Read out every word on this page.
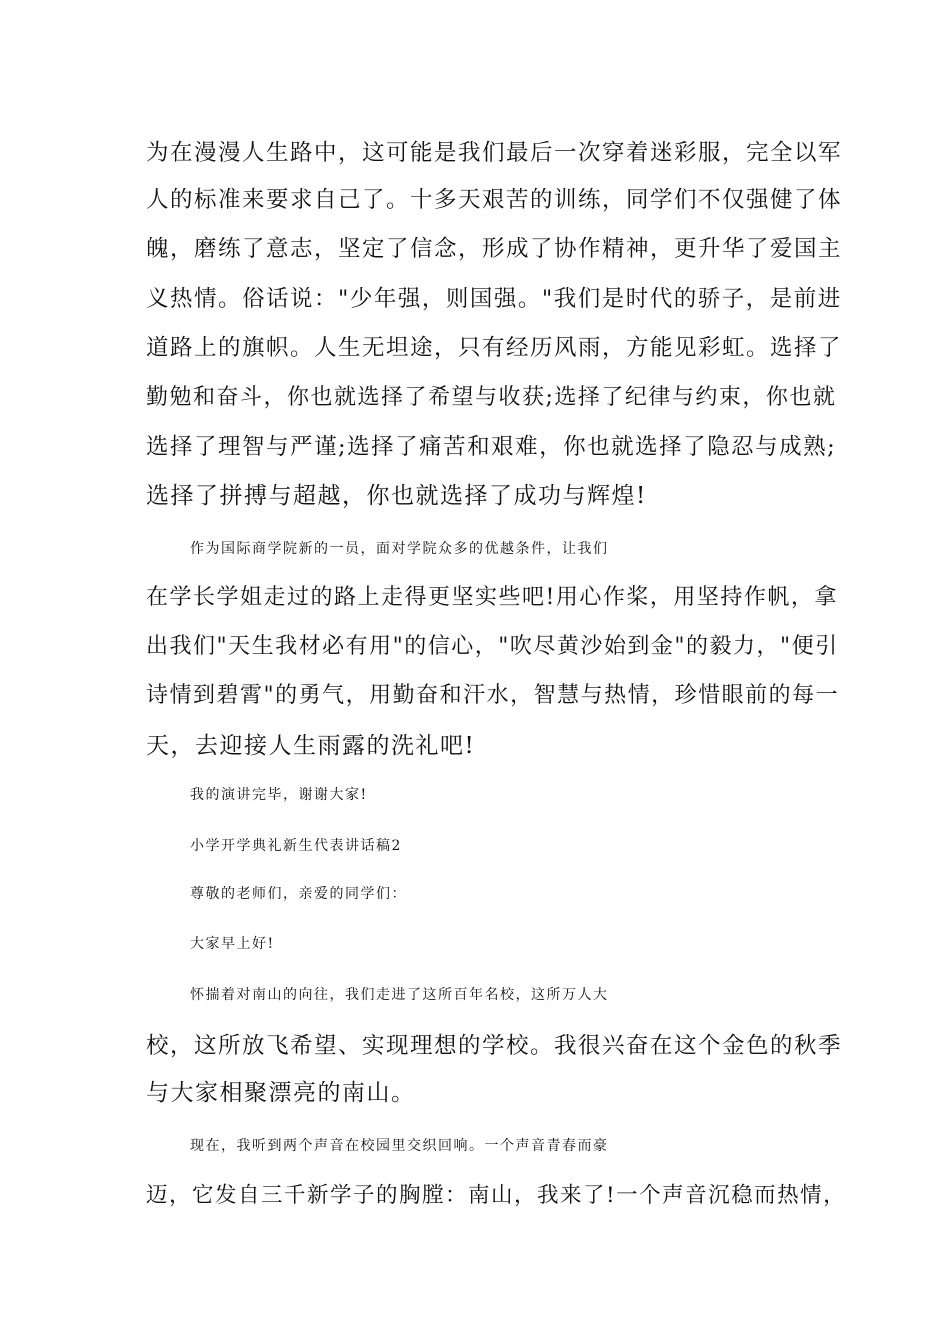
为在漫漫人生路中，这可能是我们最后一次穿着迷彩服，完全以军
人的标准来要求自己了。十多天艰苦的训练，同学们不仅强健了体
魄，磨练了意志，坚定了信念，形成了协作精神，更升华了爱国主
义热情。俗话说："少年强，则国强。"我们是时代的骄子，是前进
道路上的旗帜。人生无坦途，只有经历风雨，方能见彩虹。选择了
勤勉和奋斗，你也就选择了希望与收获;选择了纪律与约束，你也就
选择了理智与严谨;选择了痛苦和艰难，你也就选择了隐忍与成熟;
选择了拼搏与超越，你也就选择了成功与辉煌!
作为国际商学院新的一员，面对学院众多的优越条件，让我们
在学长学姐走过的路上走得更坚实些吧!用心作桨，用坚持作帆，拿
出我们"天生我材必有用"的信心，"吹尽黄沙始到金"的毅力，"便引
诗情到碧霄"的勇气，用勤奋和汗水，智慧与热情，珍惜眼前的每一
天，去迎接人生雨露的洗礼吧!
我的演讲完毕，谢谢大家!
小学开学典礼新生代表讲话稿2
尊敬的老师们，亲爱的同学们：
大家早上好!
怀揣着对南山的向往，我们走进了这所百年名校，这所万人大
校，这所放飞希望、实现理想的学校。我很兴奋在这个金色的秋季
与大家相聚漂亮的南山。
现在，我听到两个声音在校园里交织回响。一个声音青春而豪
迈，它发自三千新学子的胸膛：南山，我来了!一个声音沉稳而热情，
